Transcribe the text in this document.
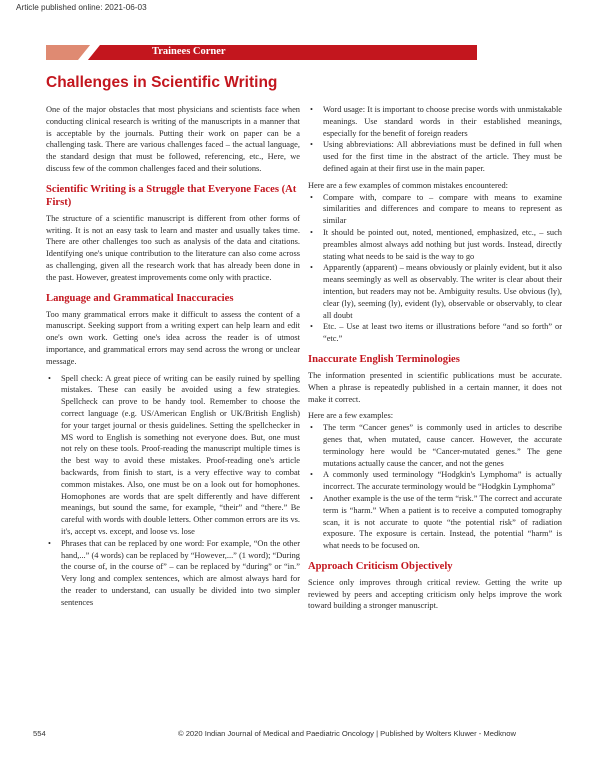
Article published online: 2021-06-03
Trainees Corner
Challenges in Scientific Writing

One of the major obstacles that most physicians and scientists face when conducting clinical research is writing of the manuscripts in a manner that is acceptable by the journals. Putting their work on paper can be a challenging task. There are various challenges faced – the actual language, the standard design that must be followed, referencing, etc., Here, we discuss few of the common challenges faced and their solutions.

Scientific Writing is a Struggle that Everyone Faces (At First)

The structure of a scientific manuscript is different from other forms of writing. It is not an easy task to learn and master and usually takes time. There are other challenges too such as analysis of the data and citations. Identifying one's unique contribution to the literature can also come across as challenging, given all the research work that has already been done in the past. However, greatest improvements come only with practice.

Language and Grammatical Inaccuracies

Too many grammatical errors make it difficult to assess the content of a manuscript. Seeking support from a writing expert can help learn and edit one's own work. Getting one's idea across the reader is of utmost importance, and grammatical errors may send across the wrong or unclear message.

• Spell check: A great piece of writing can be easily ruined by spelling mistakes. These can easily be avoided using a few strategies. Spellcheck can prove to be handy tool. Remember to choose the correct language (e.g. US/American English or UK/British English) for your target journal or thesis guidelines. Setting the spellchecker in MS word to English is something not everyone does. But, one must not rely on these tools. Proof-reading the manuscript multiple times is the best way to avoid these mistakes. Proof-reading one's article backwards, from finish to start, is a very effective way to combat common mistakes. Also, one must be on a look out for homophones. Homophones are words that are spelt differently and have different meanings, but sound the same, for example, “their” and “there.” Be careful with words with double letters. Other common errors are its vs. it's, accept vs. except, and loose vs. lose
• Phrases that can be replaced by one word: For example, “On the other hand,...” (4 words) can be replaced by “However,...” (1 word); “During the course of, in the course of” – can be replaced by “during” or “in.” Very long and complex sentences, which are almost always hard for the reader to understand, can usually be divided into two simpler sentences
• Word usage: It is important to choose precise words with unmistakable meanings. Use standard words in their established meanings, especially for the benefit of foreign readers
• Using abbreviations: All abbreviations must be defined in full when used for the first time in the abstract of the article. They must be defined again at their first use in the main paper.

Here are a few examples of common mistakes encountered:

• Compare with, compare to – compare with means to examine similarities and differences and compare to means to represent as similar
• It should be pointed out, noted, mentioned, emphasized, etc., – such preambles almost always add nothing but just words. Instead, directly stating what needs to be said is the way to go
• Apparently (apparent) – means obviously or plainly evident, but it also means seemingly as well as observably. The writer is clear about their intention, but readers may not be. Ambiguity results. Use obvious (ly), clear (ly), seeming (ly), evident (ly), observable or observably, to clear all doubt
• Etc. – Use at least two items or illustrations before “and so forth” or “etc.”
Inaccurate English Terminologies

The information presented in scientific publications must be accurate. When a phrase is repeatedly published in a certain manner, it does not make it correct.

Here are a few examples:

• The term “Cancer genes” is commonly used in articles to describe genes that, when mutated, cause cancer. However, the accurate terminology here would be “Cancer-mutated genes.” The gene mutations actually cause the cancer, and not the genes
• A commonly used terminology “Hodgkin's Lymphoma” is actually incorrect. The accurate terminology would be “Hodgkin Lymphoma”
• Another example is the use of the term “risk.” The correct and accurate term is “harm.” When a patient is to receive a computed tomography scan, it is not accurate to quote “the potential risk” of radiation exposure. The exposure is certain. Instead, the potential “harm” is what needs to be focused on.
Approach Criticism Objectively

Science only improves through critical review. Getting the write up reviewed by peers and accepting criticism only helps improve the work toward building a stronger manuscript.

554	© 2020 Indian Journal of Medical and Paediatric Oncology | Published by Wolters Kluwer - Medknow
